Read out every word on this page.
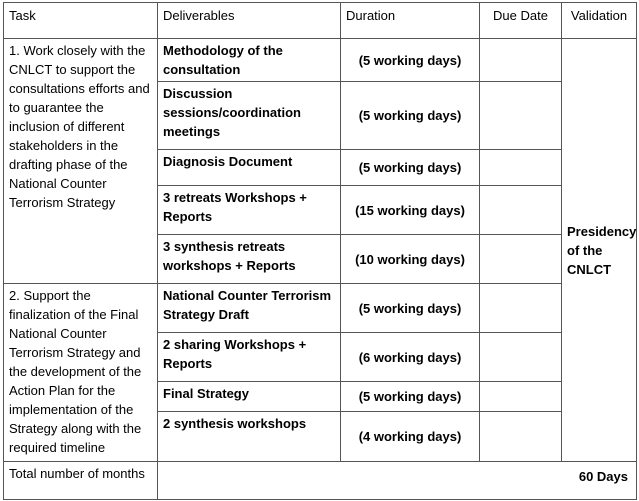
Task	Deliverables	Duration	Due Date	Validation
1. Work closely with the CNLCT to support the consultations efforts and to guarantee the inclusion of different stakeholders in the drafting phase of the National Counter Terrorism Strategy	Methodology of the consultation	(5 working days)		Presidency of the CNLCT
	Discussion sessions/coordination meetings	(5 working days)		
	Diagnosis Document	(5 working days)		
	3 retreats Workshops + Reports	(15 working days)		
	3 synthesis retreats workshops + Reports	(10 working days)		
2. Support the finalization of the Final National Counter Terrorism Strategy and the development of the Action Plan for the implementation of the Strategy along with the required timeline	National Counter Terrorism Strategy Draft	(5 working days)		
	2 sharing Workshops + Reports	(6 working days)		
	Final Strategy	(5 working days)		
	2 synthesis workshops	(4 working days)		
Total number of months	60 Days			
